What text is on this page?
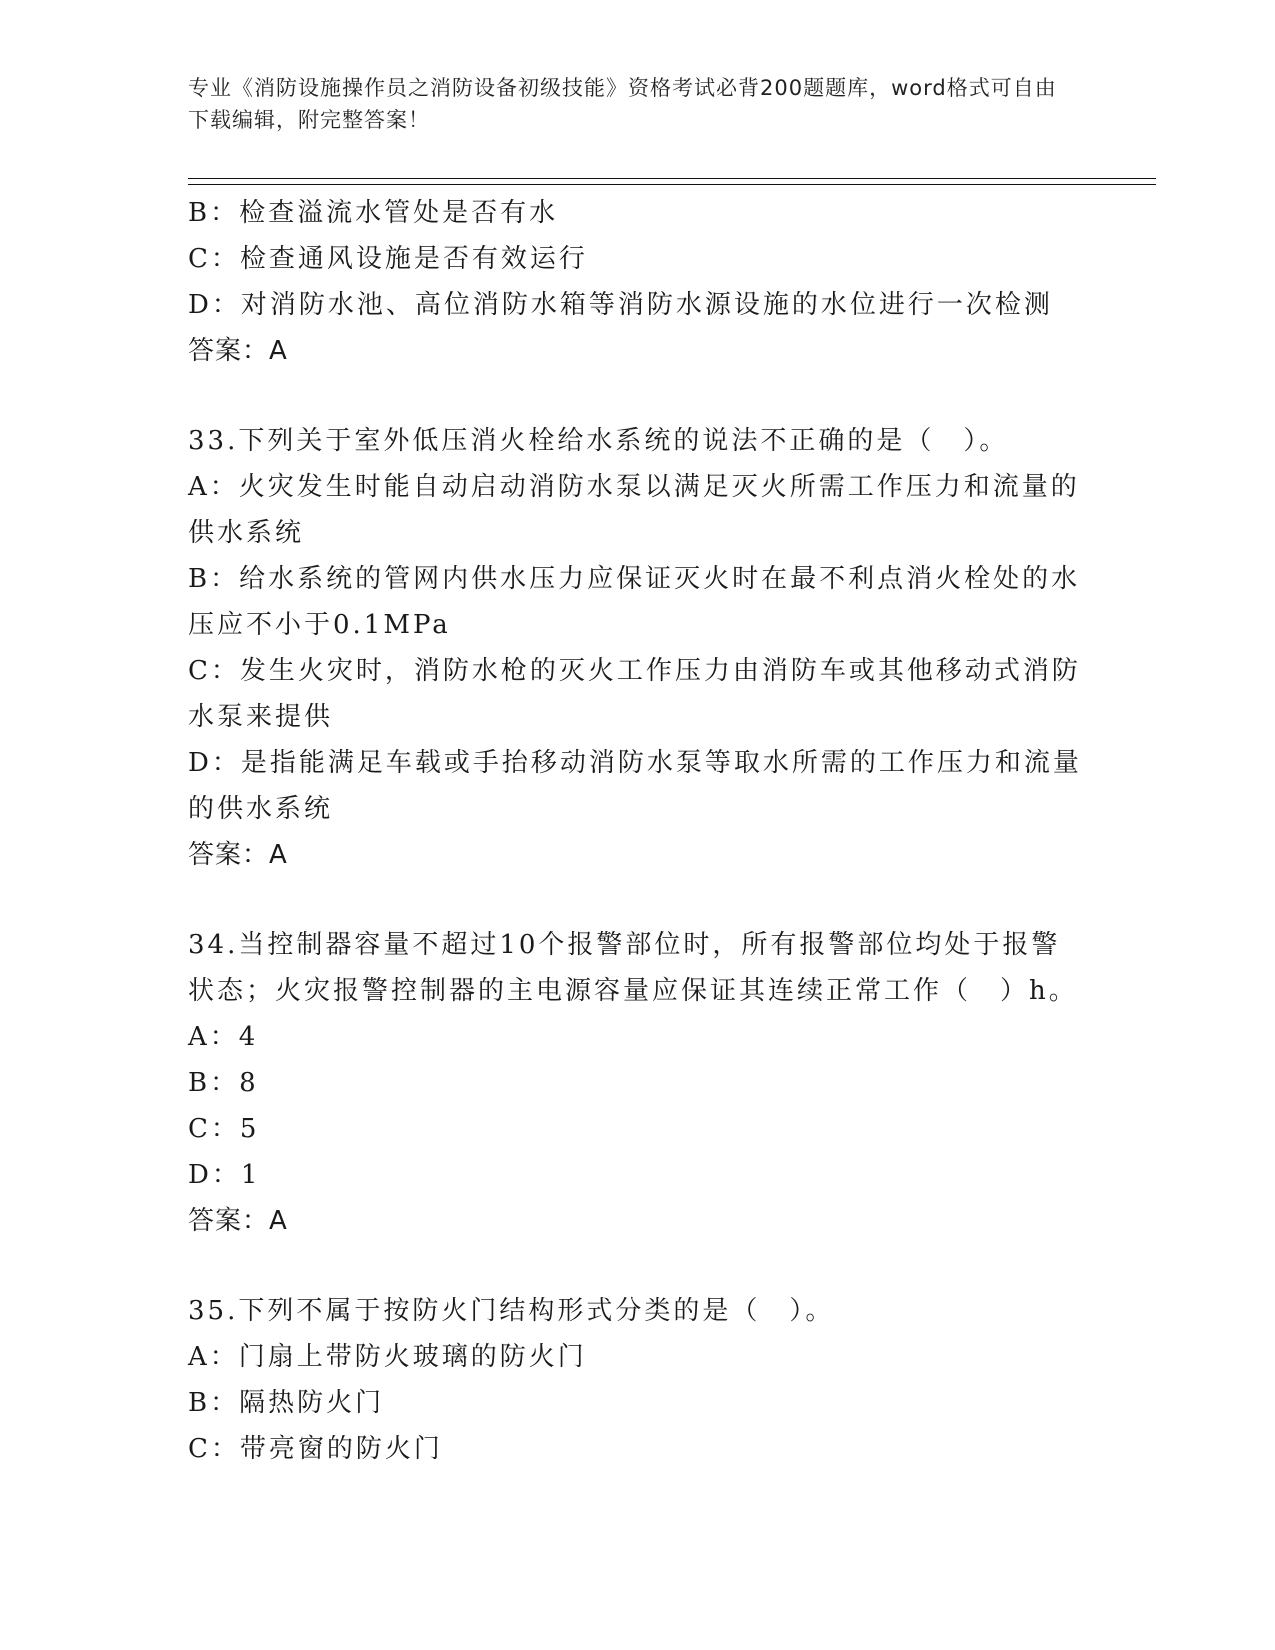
专业《消防设施操作员之消防设备初级技能》资格考试必背200题题库，word格式可自由下载编辑，附完整答案！
B：检查溢流水管处是否有水
C：检查通风设施是否有效运行
D：对消防水池、高位消防水箱等消防水源设施的水位进行一次检测
答案：A
33.下列关于室外低压消火栓给水系统的说法不正确的是（　）。
A：火灾发生时能自动启动消防水泵以满足灭火所需工作压力和流量的供水系统
B：给水系统的管网内供水压力应保证灭火时在最不利点消火栓处的水压应不小于0.1MPa
C：发生火灾时，消防水枪的灭火工作压力由消防车或其他移动式消防水泵来提供
D：是指能满足车载或手抬移动消防水泵等取水所需的工作压力和流量的供水系统
答案：A
34.当控制器容量不超过10个报警部位时，所有报警部位均处于报警状态；火灾报警控制器的主电源容量应保证其连续正常工作（　）h。
A：4
B：8
C：5
D：1
答案：A
35.下列不属于按防火门结构形式分类的是（　）。
A：门扇上带防火玻璃的防火门
B：隔热防火门
C：带亮窗的防火门
